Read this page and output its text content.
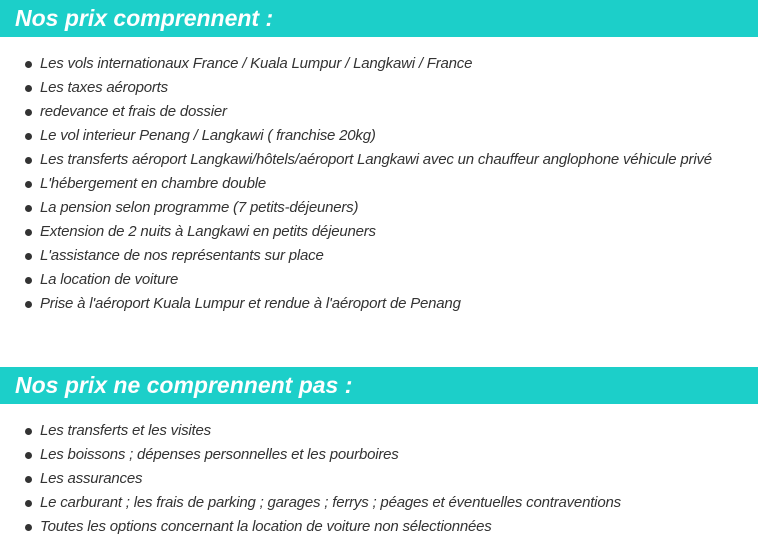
Nos prix comprennent :
Les vols internationaux France / Kuala Lumpur / Langkawi / France
Les taxes aéroports
redevance et frais de dossier
Le vol interieur Penang / Langkawi ( franchise 20kg)
Les transferts aéroport Langkawi/hôtels/aéroport Langkawi avec un chauffeur anglophone véhicule privé
L'hébergement en chambre double
La pension selon programme (7 petits-déjeuners)
Extension de 2 nuits à Langkawi en petits déjeuners
L'assistance de nos représentants sur place
La location de voiture
Prise à l'aéroport Kuala Lumpur et rendue à l'aéroport de Penang
Nos prix ne comprennent pas :
Les transferts et les visites
Les boissons ; dépenses personnelles et les pourboires
Les assurances
Le carburant ; les frais de parking ; garages ; ferrys ; péages et éventuelles contraventions
Toutes les options concernant la location de voiture non sélectionnées
